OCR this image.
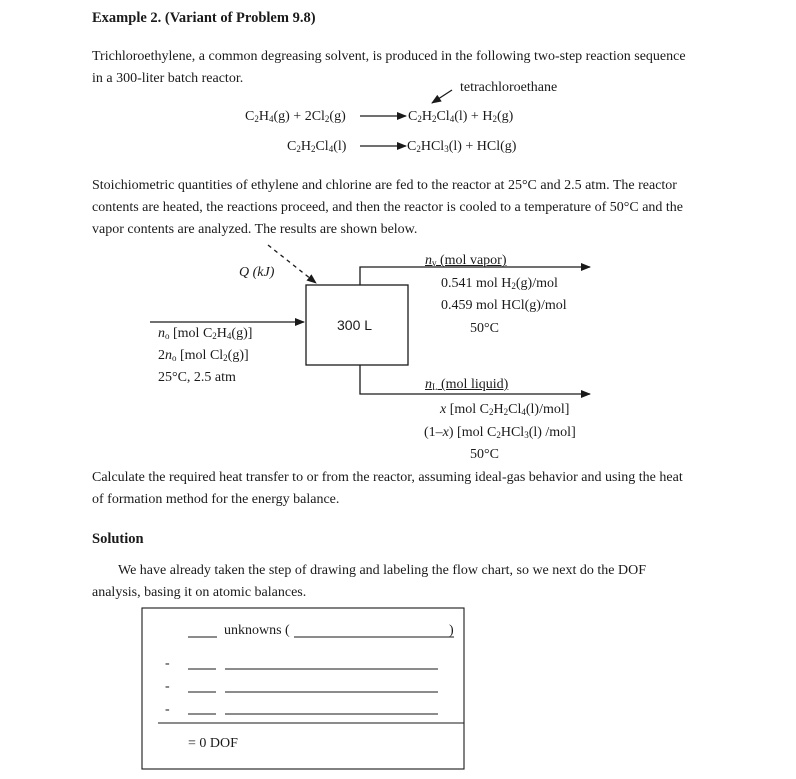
Example 2. (Variant of Problem 9.8)
Trichloroethylene, a common degreasing solvent, is produced in the following two-step reaction sequence
in a 300-liter batch reactor.
tetrachloroethane
$C_2H_4(g) + 2Cl_2(g)$	$C_2H_2Cl_4(l) + H_2(g)$
$C_2H_2Cl_4(l)$	$C_2HCl_3(l) + HCl(g)$
Stoichiometric quantities of ethylene and chlorine are fed to the reactor at 25°C and 2.5 atm. The reactor
contents are heated, the reactions proceed, and then the reactor is cooled to a temperature of 50°C and the
vapor contents are analyzed. The results are shown below.
Q (kJ)
300 L
$n_o$ [mol $C_2H_4(g)$]
$2n_o$ [mol $Cl_2(g)$]
25°C, 2.5 atm
$n_v$ (mol vapor)
0.541 mol $H_2(g)$/mol
0.459 mol HCl(g)/mol
50°C
$n_L$ (mol liquid)
x [mol $C_2H_2Cl_4(l)/mol$]
(1–x) [mol $C_2HCl_3(l)$ /mol]
50°C
Calculate the required heat transfer to or from the reactor, assuming ideal-gas behavior and using the heat
of formation method for the energy balance.
Solution
We have already taken the step of drawing and labeling the flow chart, so we next do the DOF
analysis, basing it on atomic balances.
unknowns (	)
-
-
-
= 0 DOF
